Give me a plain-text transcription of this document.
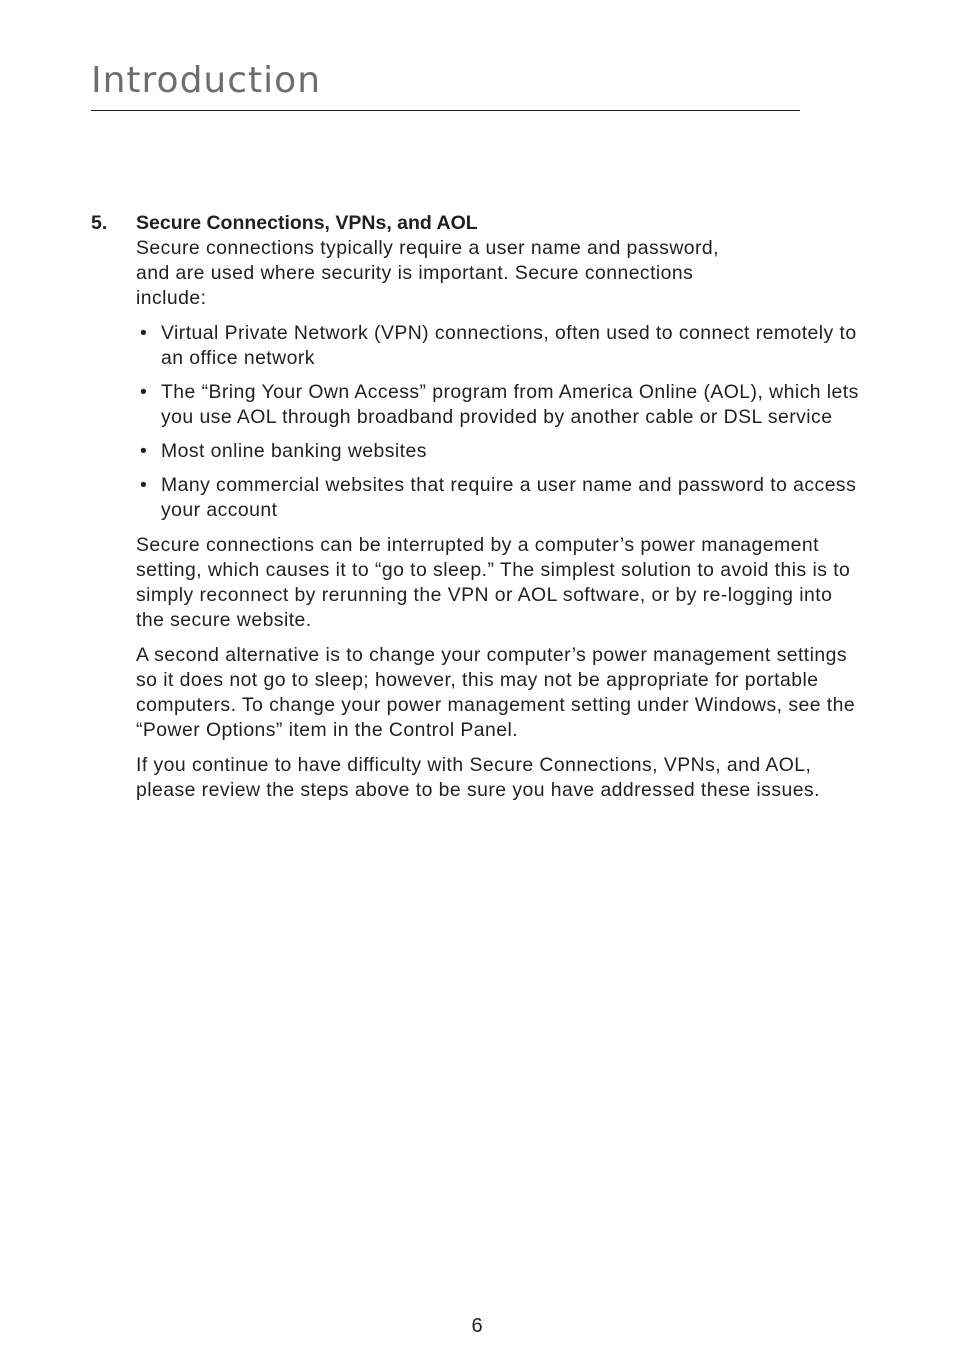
Introduction
5.	Secure Connections, VPNs, and AOL

Secure connections typically require a user name and password, and are used where security is important. Secure connections include:

• Virtual Private Network (VPN) connections, often used to connect remotely to an office network
• The “Bring Your Own Access” program from America Online (AOL), which lets you use AOL through broadband provided by another cable or DSL service
• Most online banking websites
• Many commercial websites that require a user name and password to access your account

Secure connections can be interrupted by a computer’s power management setting, which causes it to “go to sleep.” The simplest solution to avoid this is to simply reconnect by rerunning the VPN or AOL software, or by re-logging into the secure website.

A second alternative is to change your computer’s power management settings so it does not go to sleep; however, this may not be appropriate for portable computers. To change your power management setting under Windows, see the “Power Options” item in the Control Panel.

If you continue to have difficulty with Secure Connections, VPNs, and AOL, please review the steps above to be sure you have addressed these issues.

6
